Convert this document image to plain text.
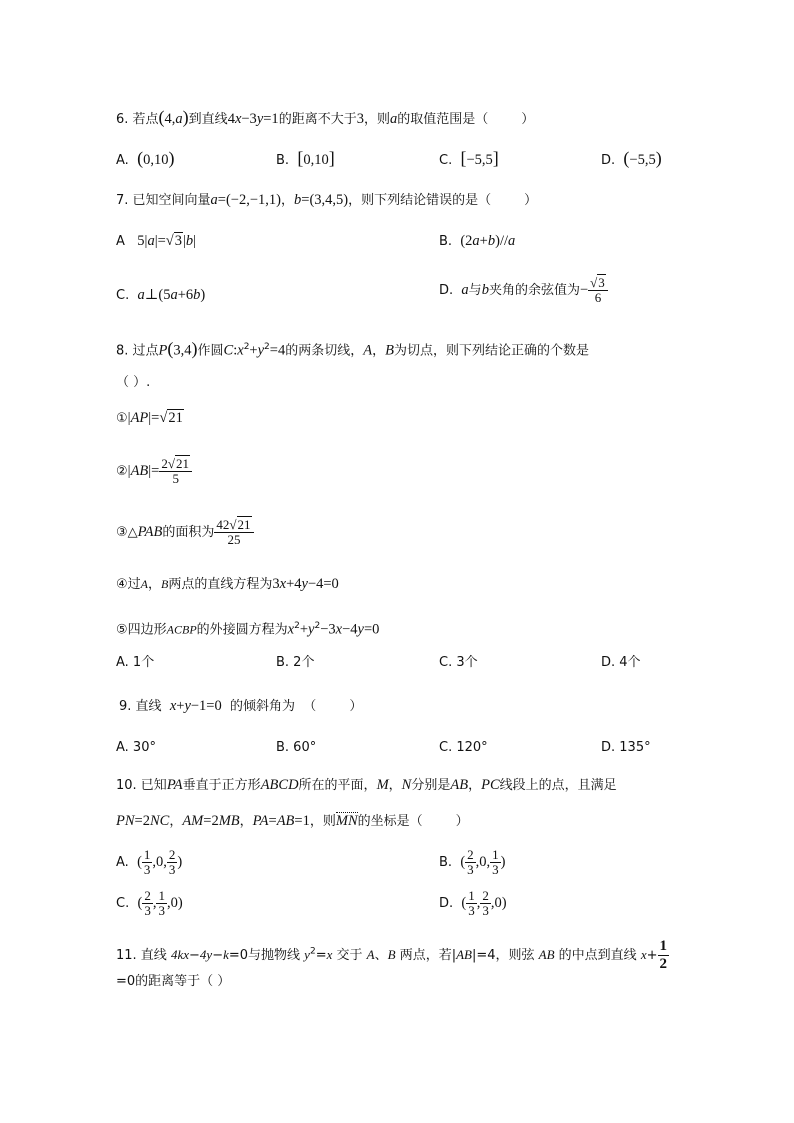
6. 若点(4,a)到直线4x−3y=1的距离不大于3，则a的取值范围是（        ）
A.  (0,10)	B.  [0,10]	C.  [−5,5]	D.  (−5,5)
7. 已知空间向量a=(−2,−1,1)，b=(3,4,5)，则下列结论错误的是（        ）
A   5|a|=√3|b|	B.  (2a+b)//a
C.  a⊥(5a+6b)	D.  a与b夹角的余弦值为− $\frac{√3}{6}$
8. 过点P(3,4)作圆$C:x^2+y^2=4$的两条切线，A，B为切点，则下列结论正确的个数是
（ ）.
①|AP|=√21
②|AB|= $\frac{2√21}{5}$
③△PAB的面积为 $\frac{42√21}{25}$
④过A，B两点的直线方程为3x+4y−4=0
⑤四边形ACBP的外接圆方程为$x^2+y^2-3x-4y=0$
A. 1个	B. 2个	C. 3个	D. 4个
9. 直线  x+y−1=0  的倾斜角为  （        ）
A. 30°	B. 60°	C. 120°	D. 135°
10. 已知PA垂直于正方形ABCD所在的平面，M，N分别是AB，PC线段上的点，且满足
PN=2NC，AM=2MB，PA=AB=1，则MN的坐标是（        ）
A.  ( $\frac{1}{3} ,0$, $\frac{2}{3}$ )	B.  ( $\frac{2}{3} ,0$, $\frac{1}{3}$ )
C.  ( $\frac{2}{3}$ , $\frac{1}{3} ,0$)	D.  ( $\frac{1}{3}$ , $\frac{2}{3} ,0$)
11. 直线 4kx−4y−k=0与抛物线 $y^2=x$ 交于 A、B 两点，若|AB|=4，则弦 AB 的中点到直线 $x+ \frac{1}{2}$
=0的距离等于（ ）
